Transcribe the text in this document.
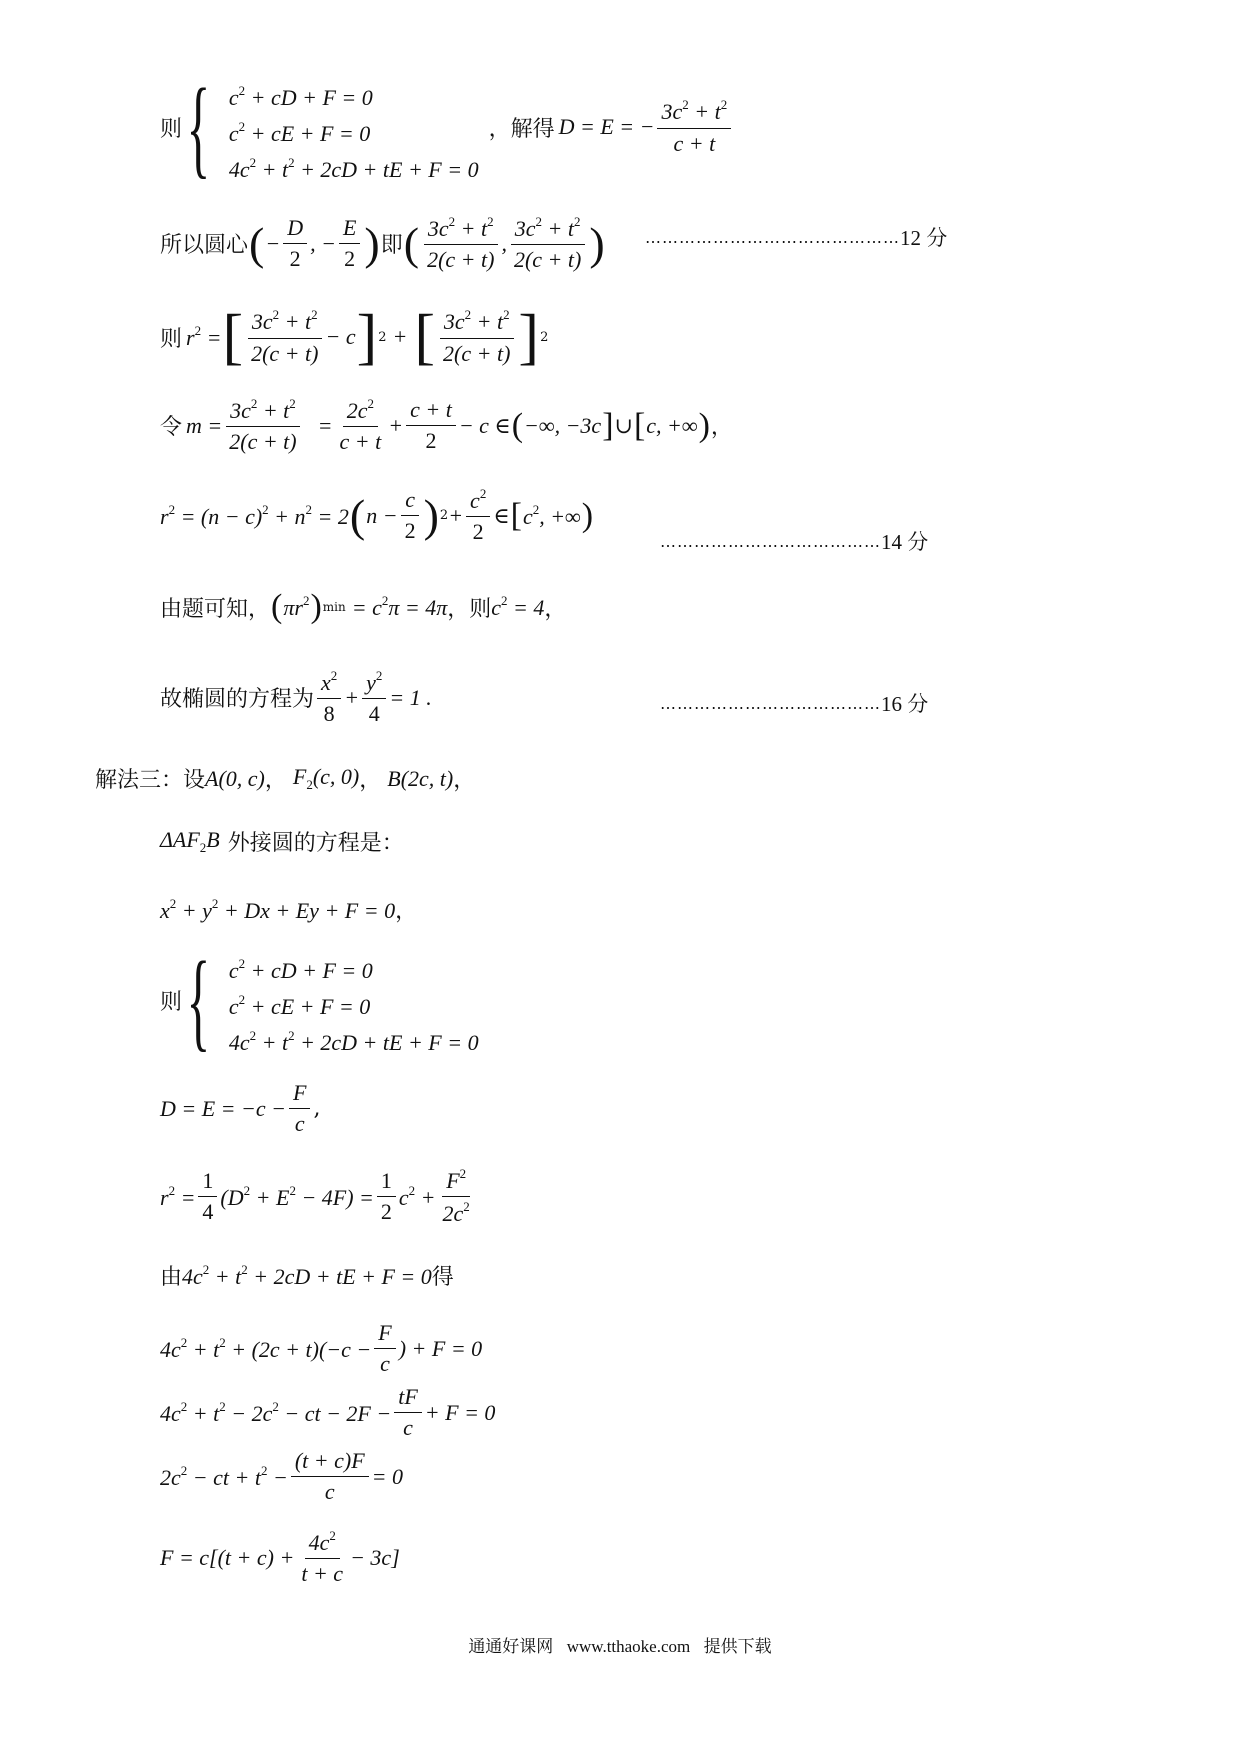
则 { $c^2$ + cD + F = 0
$c^2$ + cE + F = 0
$4c^2 + t^2 + 2cD$ + tE + F = 0
，解得 D = E = − $\frac{3c^2 + t^2}{c + t}$
所以圆心 ( − $\frac{D}{2}$ , − $\frac{E}{2}$ ) 即 ( $\frac{3c^2 + t^2}{2(c + t)}$ , $\frac{3c^2 + t^2}{2(c + t)}$ )	……………………………………… 12 分
则 $r^2$ = [ $\frac{3c^2 + t^2}{2(c + t)} - c$ ] 2 + [ $\frac{3c^2 + t^2}{2(c + t)}$ ] 2
令 $m = \frac{3c^2 + t^2}{2(c + t)} = \frac{2c^2}{c + t} + \frac{c + t}{2} - c$ ∈ ( −∞, −3c ] ∪ [ c, +∞ ) ，
$r^2 = (n - c)^2 + n^2 = 2$ ( $n - \frac{c}{2}$ ) $2 + \frac{c^2}{2}$ ∈ [ $c^2$, +∞ )
………………………………… 14 分
由题可知， ( $\pi r^2$ ) $\min = c^2\pi = 4\pi$ ，则 $c^2 = 4$ ，
故椭圆的方程为 $\frac{x^2}{8} + \frac{y^2}{4} = 1$ .	………………………………… 16 分
解法三：设 A(0, c) ， $F_2(c$, 0) ， B(2c, t) ，
$\Delta AF_2B$ 外接圆的方程是：
$x^2 + y^2 + Dx + Ey + F = 0$ ，
则 { $c^2$ + cD + F = 0
$c^2$ + cE + F = 0
$4c^2 + t^2 + 2cD$ + tE + F = 0
$D = E = -c - \frac{F}{c}$ ,
$r^2 = \frac{1}{4} (D^2 + E^2 - 4F) = \frac{1}{2} c^2 + \frac{F^2}{2c^2}$
由 $4c^2 + t^2 + 2cD$ + tE + F = 0 得
$4c^2 + t^2 + (2c + t)(-c - \frac{F}{c}$ ) + F = 0
$4c^2 + t^2 - 2c^2$ − ct − $2F - \frac{tF}{c} + F = 0$
$2c^2$ − ct + $t^2 - \frac{(t + c)F}{c} = 0$
$F = c[(t + c) + \frac{4c^2}{t + c} - 3c]$
通通好课网 www.tthaoke.com 提供下载
